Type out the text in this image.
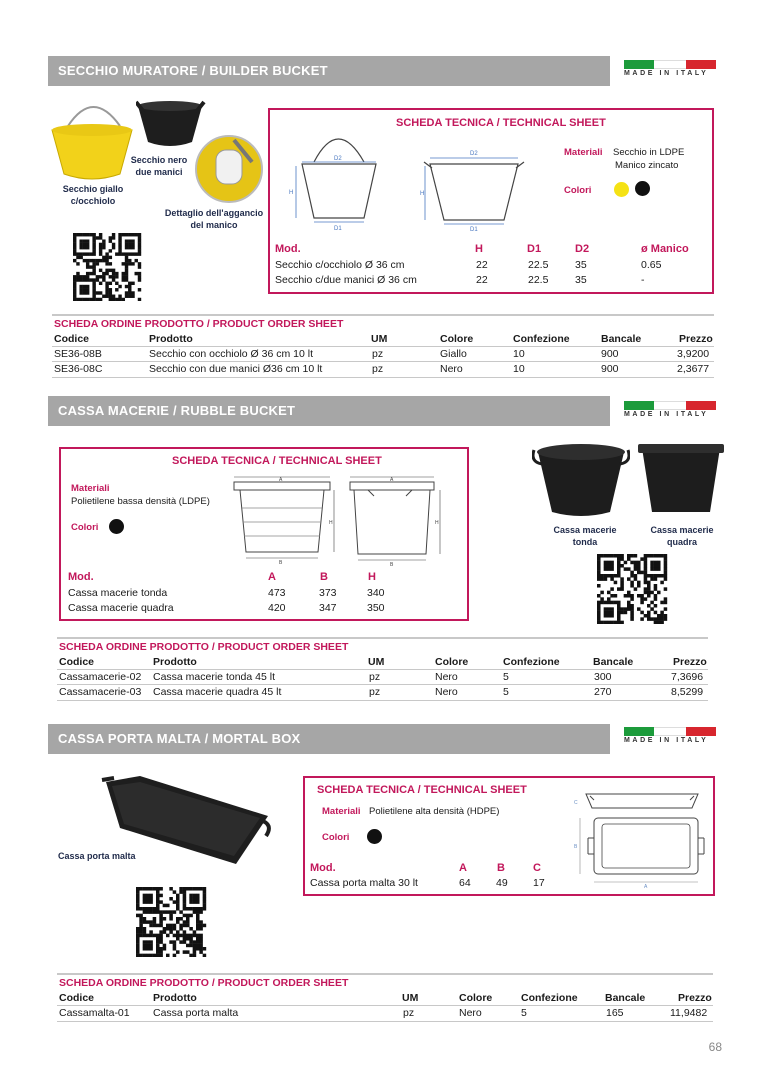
SECCHIO MURATORE / BUILDER BUCKET	MADE IN ITALY
Secchio giallo
c/occhiolo
Secchio nero
due manici
Dettaglio dell'aggancio
del manico
SCHEDA TECNICA / TECHNICAL SHEET
D2
D1
H
D2
D1
H
Materiali Secchio in LDPE
Manico zincato
Colori
Mod.	H	D1	D2	ø Manico
Secchio c/occhiolo Ø 36 cm	22	22.5	35	0.65
Secchio c/due manici Ø 36 cm	22	22.5	35	-
SCHEDA ORDINE PRODOTTO / PRODUCT ORDER SHEET
Codice	Prodotto	UM	Colore	Confezione	Bancale	Prezzo
SE36-08B	Secchio con occhiolo Ø 36 cm 10 lt	pz	Giallo	10	900	3,9200
SE36-08C	Secchio con due manici Ø36 cm 10 lt	pz	Nero	10	900	2,3677
CASSA MACERIE / RUBBLE BUCKET	MADE IN ITALY
SCHEDA TECNICA / TECHNICAL SHEET
Materiali
Polietilene bassa densità (LDPE)
Colori
A
B
H
A
B
H
Mod.	A	B	H
Cassa macerie tonda	473	373	340
Cassa macerie quadra	420	347	350
Cassa macerie
tonda
Cassa macerie
quadra
SCHEDA ORDINE PRODOTTO / PRODUCT ORDER SHEET
Codice	Prodotto	UM	Colore	Confezione	Bancale	Prezzo
Cassamacerie-02 Cassa macerie tonda 45 lt	pz	Nero	5	300	7,3696
Cassamacerie-03 Cassa macerie quadra 45 lt	pz	Nero	5	270	8,5299
CASSA PORTA MALTA / MORTAL BOX	MADE IN ITALY
Cassa porta malta
SCHEDA TECNICA / TECHNICAL SHEET
Materiali Polietilene alta densità (HDPE)
Colori
C
B
A
Mod.	A	B	C
Cassa porta malta 30 lt	64 49 17
SCHEDA ORDINE PRODOTTO / PRODUCT ORDER SHEET
Codice	Prodotto	UM	Colore	Confezione	Bancale	Prezzo
Cassamalta-01 Cassa porta malta	pz	Nero	5	165	11,9482
68
